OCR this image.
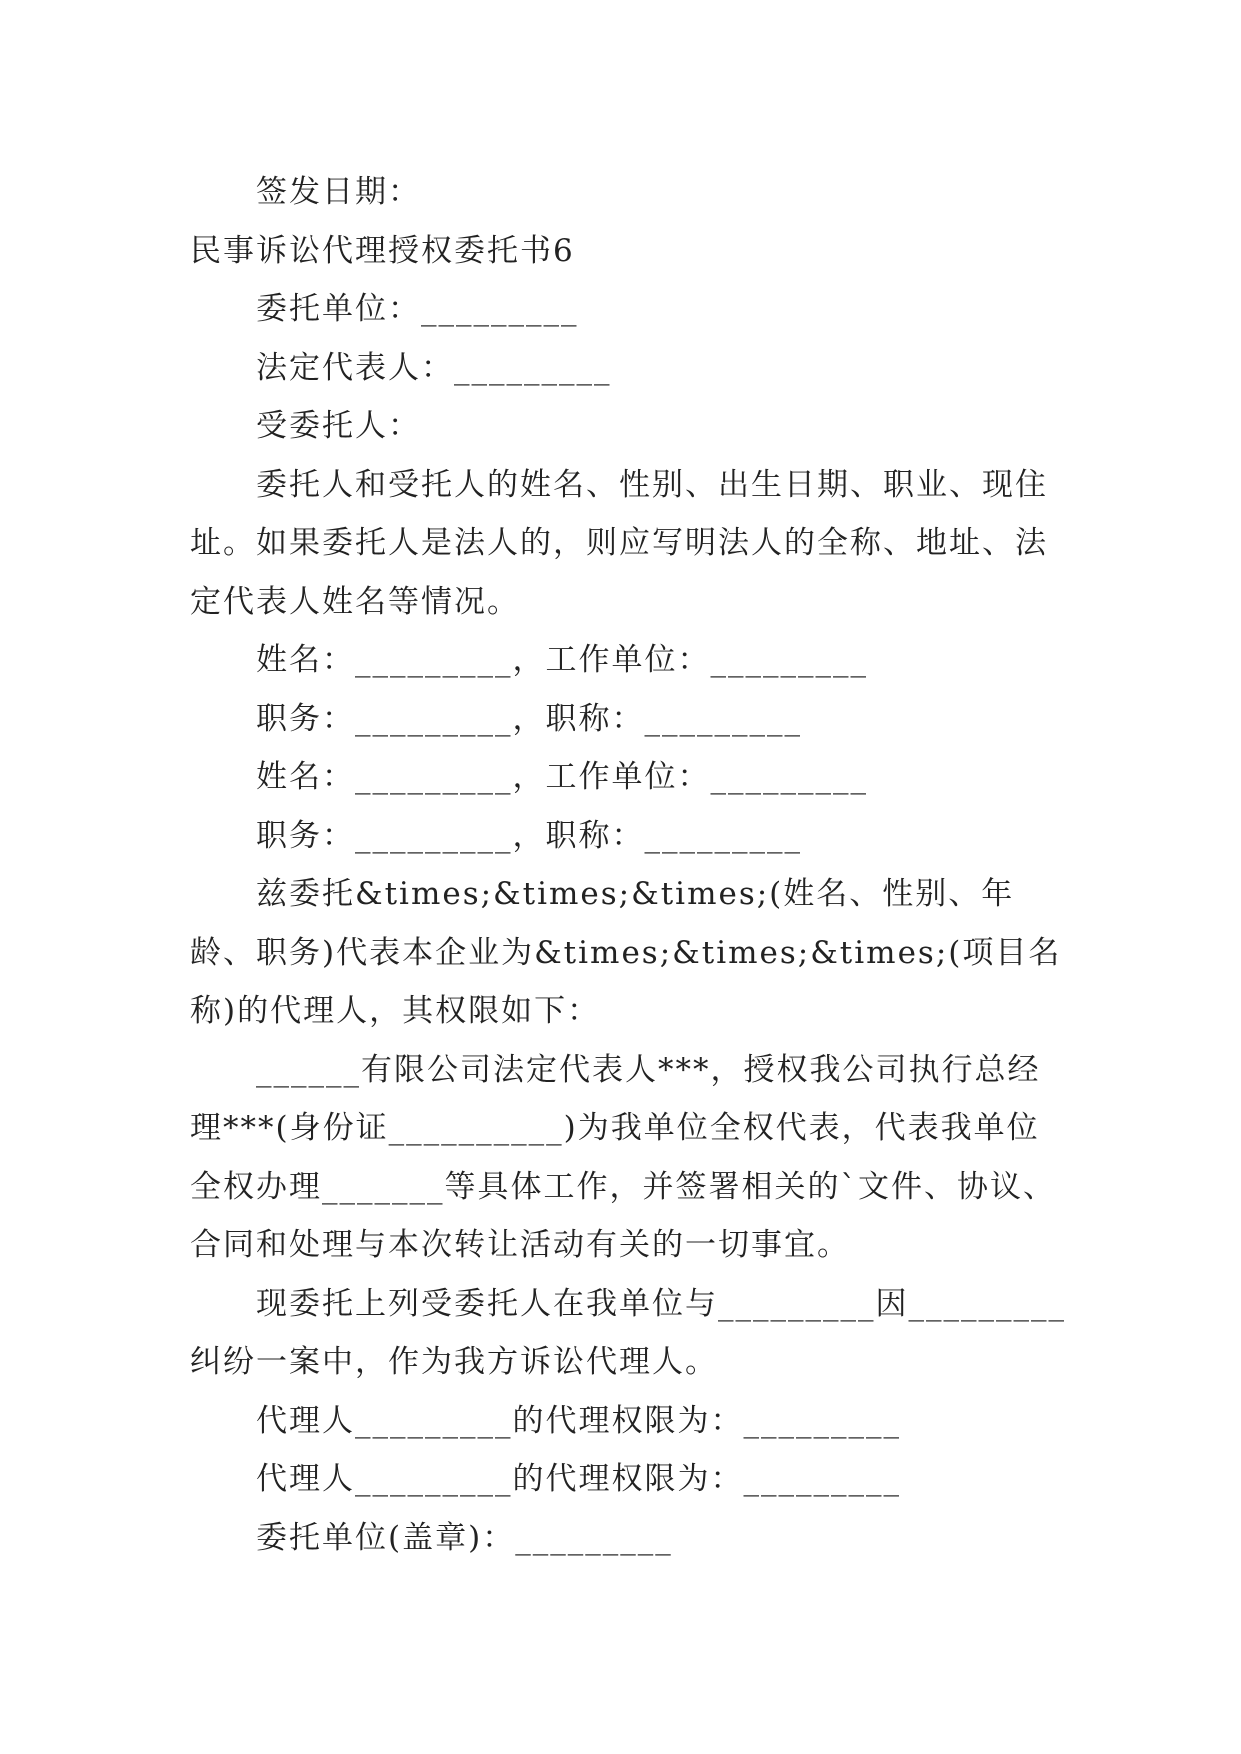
签发日期：

民事诉讼代理授权委托书6

委托单位：_________

法定代表人：_________

受委托人：

委托人和受托人的姓名、性别、出生日期、职业、现住址。如果委托人是法人的，则应写明法人的全称、地址、法定代表人姓名等情况。

姓名：_________，工作单位：_________

职务：_________，职称：_________

姓名：_________，工作单位：_________

职务：_________，职称：_________

兹委托&times;&times;&times;(姓名、性别、年龄、职务)代表本企业为&times;&times;&times;(项目名称)的代理人，其权限如下：

______有限公司法定代表人***，授权我公司执行总经理***(身份证__________)为我单位全权代表，代表我单位全权办理_______等具体工作，并签署相关的`文件、协议、合同和处理与本次转让活动有关的一切事宜。

现委托上列受委托人在我单位与_________因_________纠纷一案中，作为我方诉讼代理人。

代理人_________的代理权限为：_________

代理人_________的代理权限为：_________

委托单位(盖章)：_________
